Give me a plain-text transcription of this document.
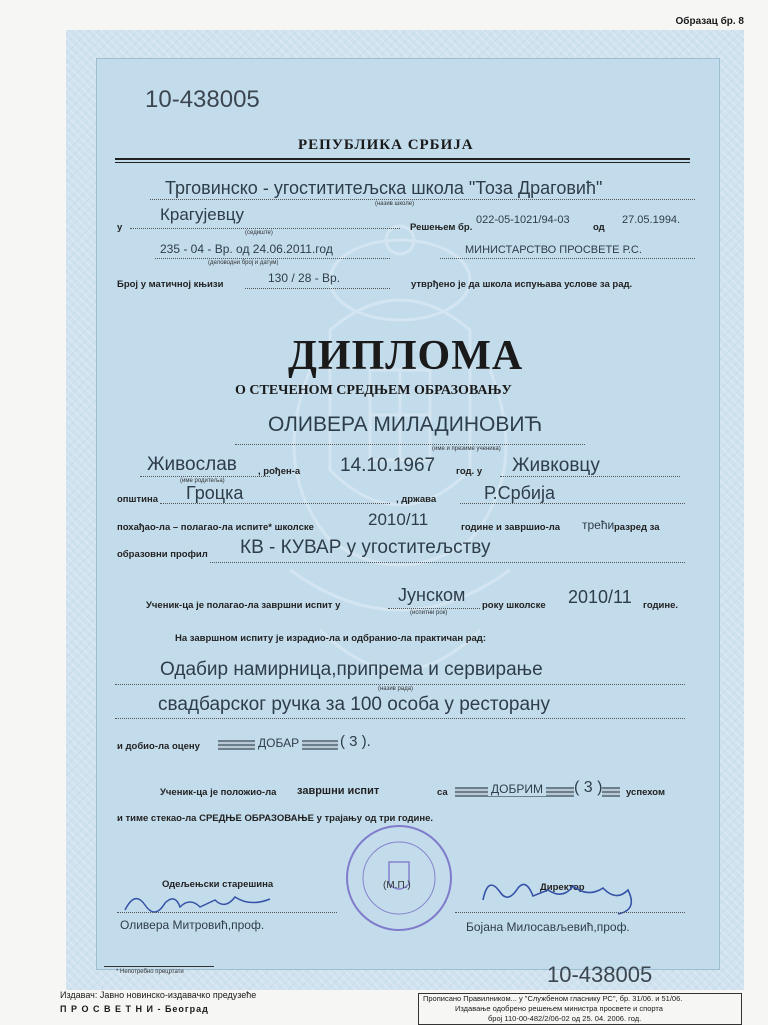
Образац бр. 8
10-438005
РЕПУБЛИКА СРБИЈА
Трговинско - угостититељска школа "Тоза Драговић"
(назив школе)
у
Крагујевцу
(седиште)	Решењем бр.
022-05-1021/94-03
од
27.05.1994.
235 - 04 - Вр. од 24.06.2011.год
(деловодни број и датум)
МИНИСТАРСТВО ПРОСВЕТЕ Р.С.
Број у матичној књизи	130 / 28 - Вр.	утврђено је да школа испуњава услове за рад.
ДИПЛОМА
О СТЕЧЕНОМ СРЕДЊЕМ ОБРАЗОВАЊУ
ОЛИВЕРА МИЛАДИНОВИЋ
(име и презиме ученика)
Живослав
(име родитеља)
, рођен-а 14.10.1967 год. у Живковцу
општина Гроцка	, држава	Р.Србија
похађао-ла – полагао-ла испите* школске	2010/11	године и завршио-ла трећи разред за
образовни профил КВ - КУВАР у угоститељству
Ученик-ца је полагао-ла завршни испит у
Јунском
(испитни рок)
року школске 2010/11 године.
На завршном испиту је израдио-ла и одбранио-ла практичан рад:
Одабир намирница,припрема и сервирање
(назив рада)
свадбарског ручка за 100 особа у ресторану
и добио-ла оцену	ДОБАР	( 3 ).
Ученик-ца је положио-ла завршни испит	са	ДОБРИМ ( 3 ) успехом
и тиме стекао-ла СРЕДЊЕ ОБРАЗОВАЊЕ у трајању од три године.
Одељењски старешина
Оливера Митровић,проф.
(М.П.)	Директор
Бојана Милосављевић,проф.
* Непотребно прецртати	10-438005
Издавач: Јавно новинско-издавачко предузеће
П Р О С В Е Т Н И - Београд
Прописано Правилником... у "Службеном гласнику РС", бр. 31/06. и 51/06.
Издавање одобрено решењем министра просвете и спорта
број 110-00-482/2/06-02 од 25. 04. 2006. год.
